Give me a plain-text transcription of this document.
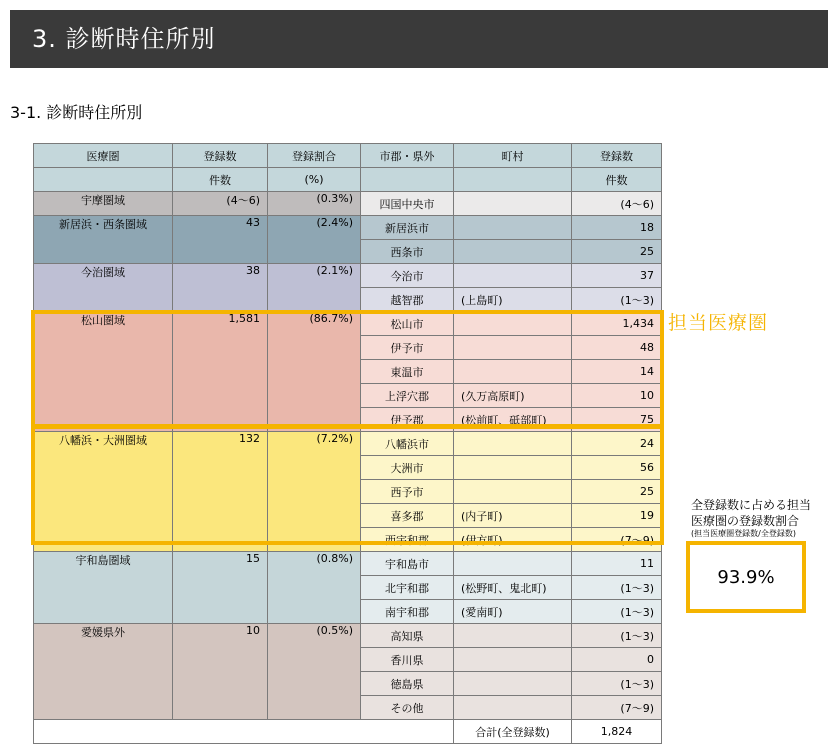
3. 診断時住所別
3-1. 診断時住所別
医療圏	登録数	登録割合	市郡・県外	町村	登録数
	件数	(%)			件数
宇摩圏域	(4〜6)	(0.3%)	四国中央市		(4〜6)
新居浜・西条圏域	43	(2.4%)	新居浜市		18
			西条市		25
今治圏域	38	(2.1%)	今治市		37
			越智郡	(上島町)	(1〜3)
松山圏域	1,581	(86.7%)	松山市		1,434
			伊予市		48
			東温市		14
			上浮穴郡	(久万高原町)	10
			伊予郡	(松前町、砥部町)	75
八幡浜・大洲圏域	132	(7.2%)	八幡浜市		24
			大洲市		56
			西予市		25
			喜多郡	(内子町)	19
			西宇和郡	(伊方町)	(7〜9)
宇和島圏域	15	(0.8%)	宇和島市		11
			北宇和郡	(松野町、鬼北町)	(1〜3)
			南宇和郡	(愛南町)	(1〜3)
愛媛県外	10	(0.5%)	高知県		(1〜3)
			香川県		0
			徳島県		(1〜3)
			その他		(7〜9)
				合計(全登録数)	1,824
担当医療圏
全登録数に占める担当
医療圏の登録数割合
(担当医療圏登録数/全登録数)
93.9%
